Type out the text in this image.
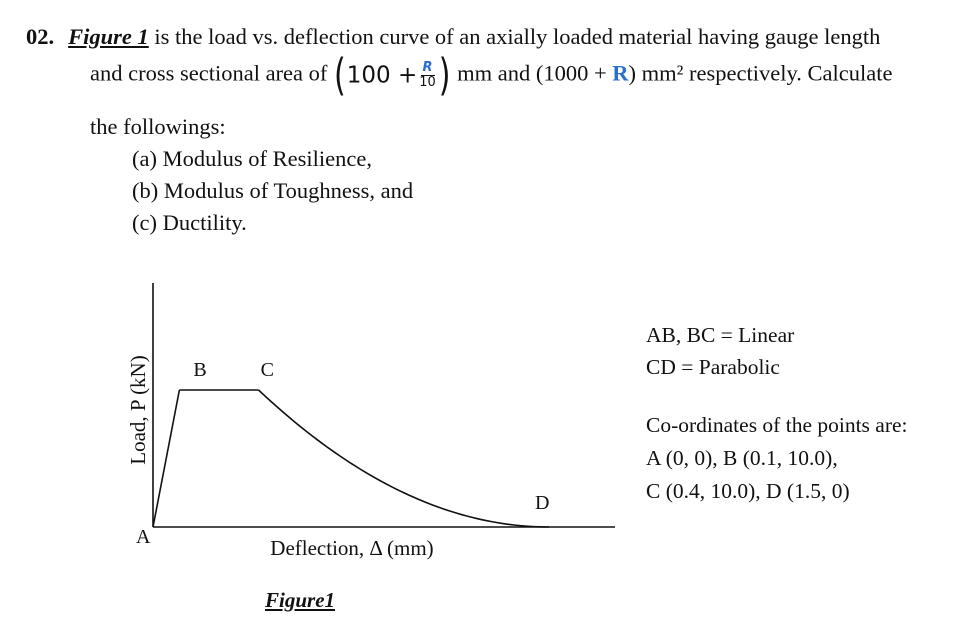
02. Figure 1 is the load vs. deflection curve of an axially loaded material having gauge length
and cross sectional area of ($100 + \frac{R}{10}$ ) mm and (1000 + R) mm² respectively. Calculate
the followings:
(a) Modulus of Resilience,
(b) Modulus of Toughness, and
(c) Ductility.
A
B	C
D
Load, P (kN)
Deflection, Δ (mm)
AB, BC = Linear
CD = Parabolic
Co-ordinates of the points are:
A (0, 0), B (0.1, 10.0),
C (0.4, 10.0), D (1.5, 0)
Figure1
